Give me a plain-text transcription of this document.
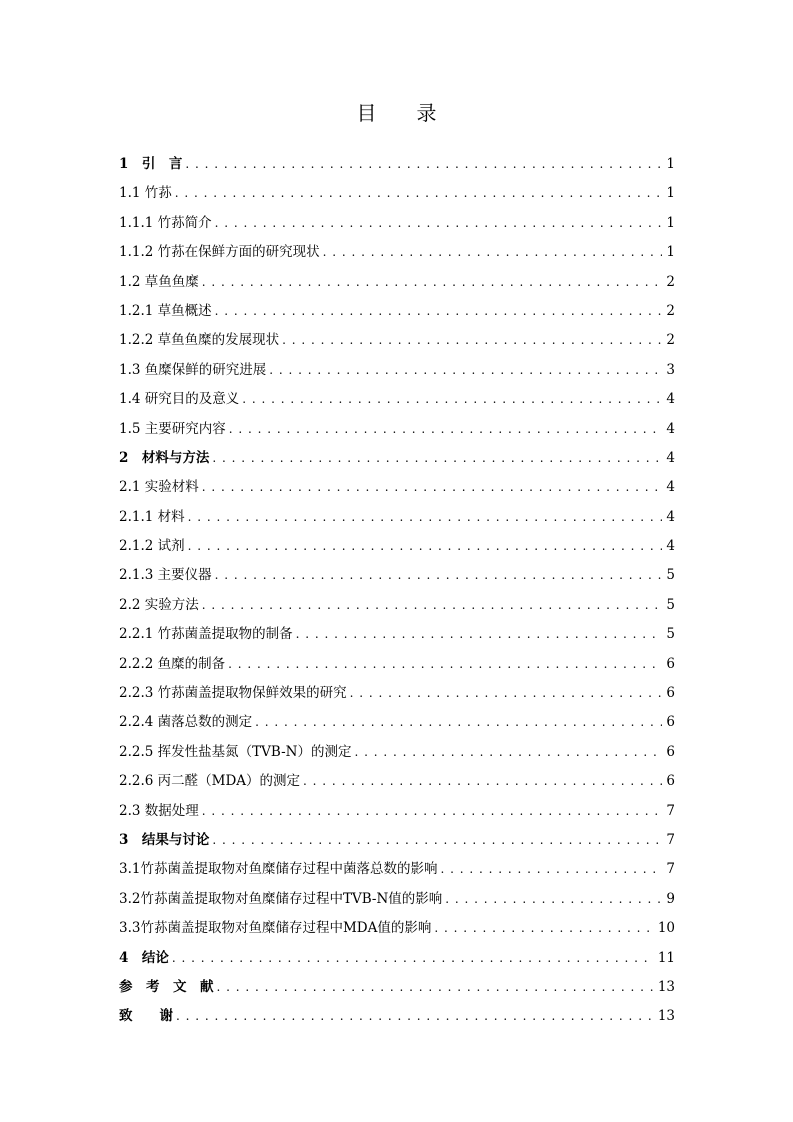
目 录
1　引　言 . . .	1
1.1 竹荪 . . .	1
1.1.1 竹荪简介 . . .	1
1.1.2 竹荪在保鲜方面的研究现状 . . .	1
1.2 草鱼鱼糜 . . .	2
1.2.1 草鱼概述 . . .	2
1.2.2 草鱼鱼糜的发展现状 . . .	2
1.3 鱼糜保鲜的研究进展 . . .	3
1.4 研究目的及意义 . . .	4
1.5 主要研究内容 . . .	4
2　材料与方法 . . .	4
2.1 实验材料 . . .	4
2.1.1 材料 . . .	4
2.1.2 试剂 . . .	4
2.1.3 主要仪器 . . .	5
2.2 实验方法 . . .	5
2.2.1 竹荪菌盖提取物的制备 . . .	5
2.2.2 鱼糜的制备 . . .	6
2.2.3 竹荪菌盖提取物保鲜效果的研究 . . .	6
2.2.4 菌落总数的测定 . . .	6
2.2.5 挥发性盐基氮（TVB-N）的测定 . . .	6
2.2.6 丙二醛（MDA）的测定 . . .	6
2.3 数据处理 . . .	7
3　结果与讨论 . . .	7
3.1竹荪菌盖提取物对鱼糜储存过程中菌落总数的影响 . . .	7
3.2竹荪菌盖提取物对鱼糜储存过程中TVB-N值的影响 . . .	9
3.3竹荪菌盖提取物对鱼糜储存过程中MDA值的影响 . . .	10
4　结论 . . .	11
参　考　文　献 . . .	13
致　　谢 . . .	13
